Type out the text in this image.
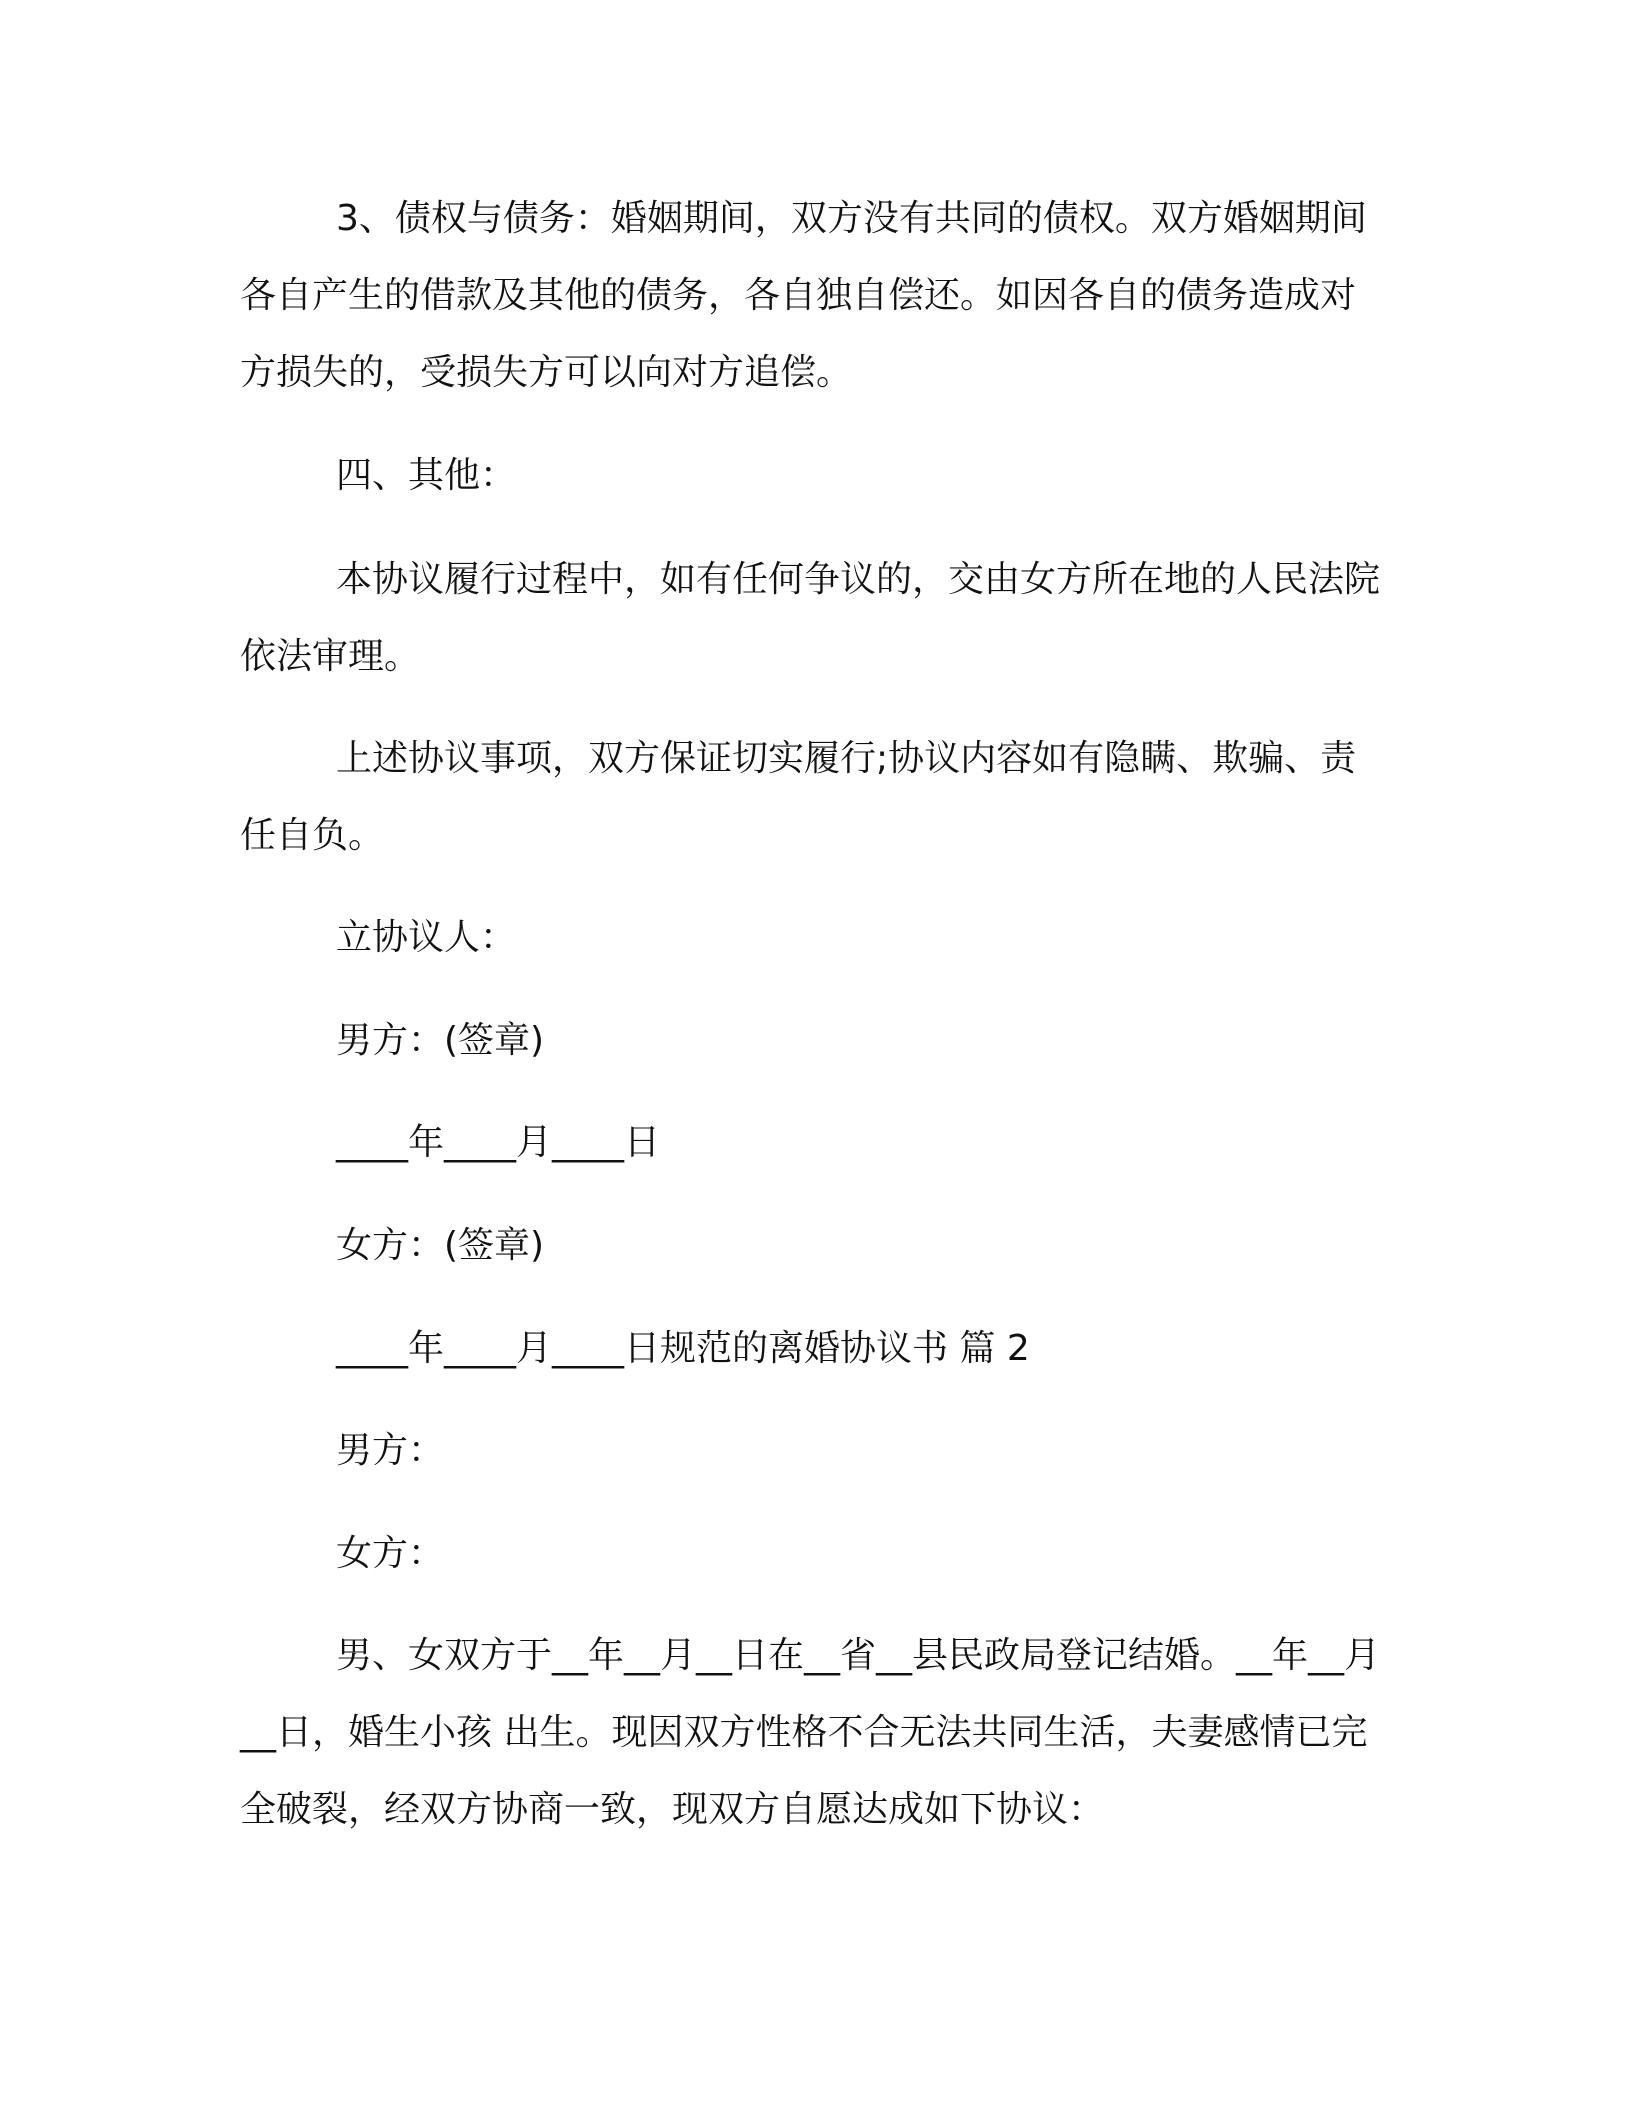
3、债权与债务：婚姻期间，双方没有共同的债权。双方婚姻期间各自产生的借款及其他的债务，各自独自偿还。如因各自的债务造成对方损失的，受损失方可以向对方追偿。

四、其他：

本协议履行过程中，如有任何争议的，交由女方所在地的人民法院依法审理。

上述协议事项，双方保证切实履行;协议内容如有隐瞒、欺骗、责任自负。

立协议人：

男方：(签章)

____年____月____日

女方：(签章)

____年____月____日规范的离婚协议书 篇 2

男方：

女方：

男、女双方于__年__月__日在__省__县民政局登记结婚。__年__月__日，婚生小孩 出生。现因双方性格不合无法共同生活，夫妻感情已完全破裂，经双方协商一致，现双方自愿达成如下协议：
